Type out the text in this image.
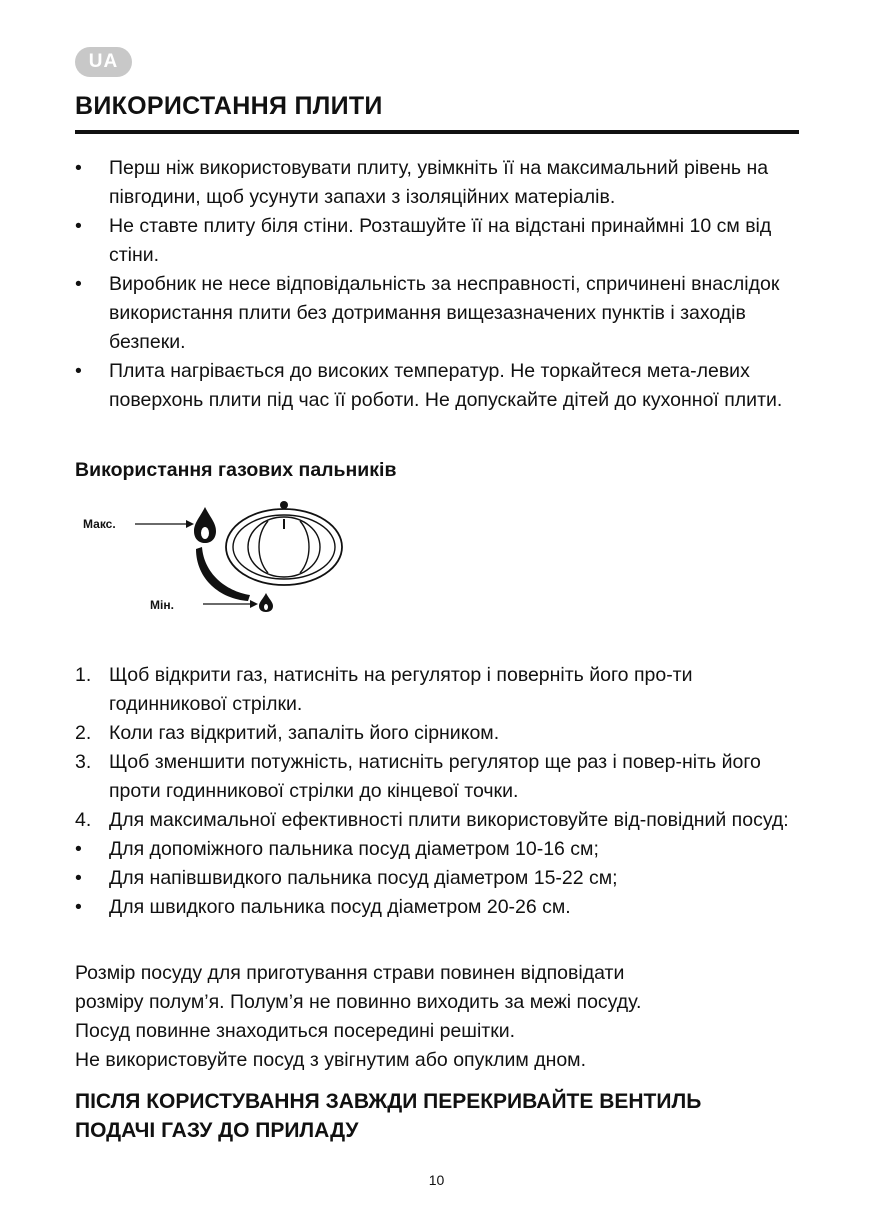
UA
ВИКОРИСТАННЯ ПЛИТИ
• Перш ніж використовувати плиту, увімкніть її на максимальний рівень на півгодини, щоб усунути запахи з ізоляційних матеріалів.
• Не ставте плиту біля стіни. Розташуйте її на відстані принаймні 10 см від стіни.
• Виробник не несе відповідальність за несправності, спричинені внаслідок використання плити без дотримання вищезазначених пунктів і заходів безпеки.
• Плита нагрівається до високих температур. Не торкайтеся мета-левих поверхонь плити під час її роботи. Не допускайте дітей до кухонної плити.
Використання газових пальників
Макс.
Мін.
1. Щоб відкрити газ, натисніть на регулятор і поверніть його про-ти годинникової стрілки.
2. Коли газ відкритий, запаліть його сірником.
3. Щоб зменшити потужність, натисніть регулятор ще раз і повер-ніть його проти годинникової стрілки до кінцевої точки.
4. Для максимальної ефективності плити використовуйте від-повідний посуд:
• Для допоміжного пальника посуд діаметром 10-16 см;
• Для напівшвидкого пальника посуд діаметром 15-22 см;
• Для швидкого пальника посуд діаметром 20-26 см.
Розмір посуду для приготування страви повинен відповідати
розміру полум’я. Полум’я не повинно виходить за межі посуду.
Посуд повинне знаходиться посередині решітки.
Не використовуйте посуд з увігнутим або опуклим дном.
ПІСЛЯ КОРИСТУВАННЯ ЗАВЖДИ ПЕРЕКРИВАЙТЕ ВЕНТИЛЬ
ПОДАЧІ ГАЗУ ДО ПРИЛАДУ
10
